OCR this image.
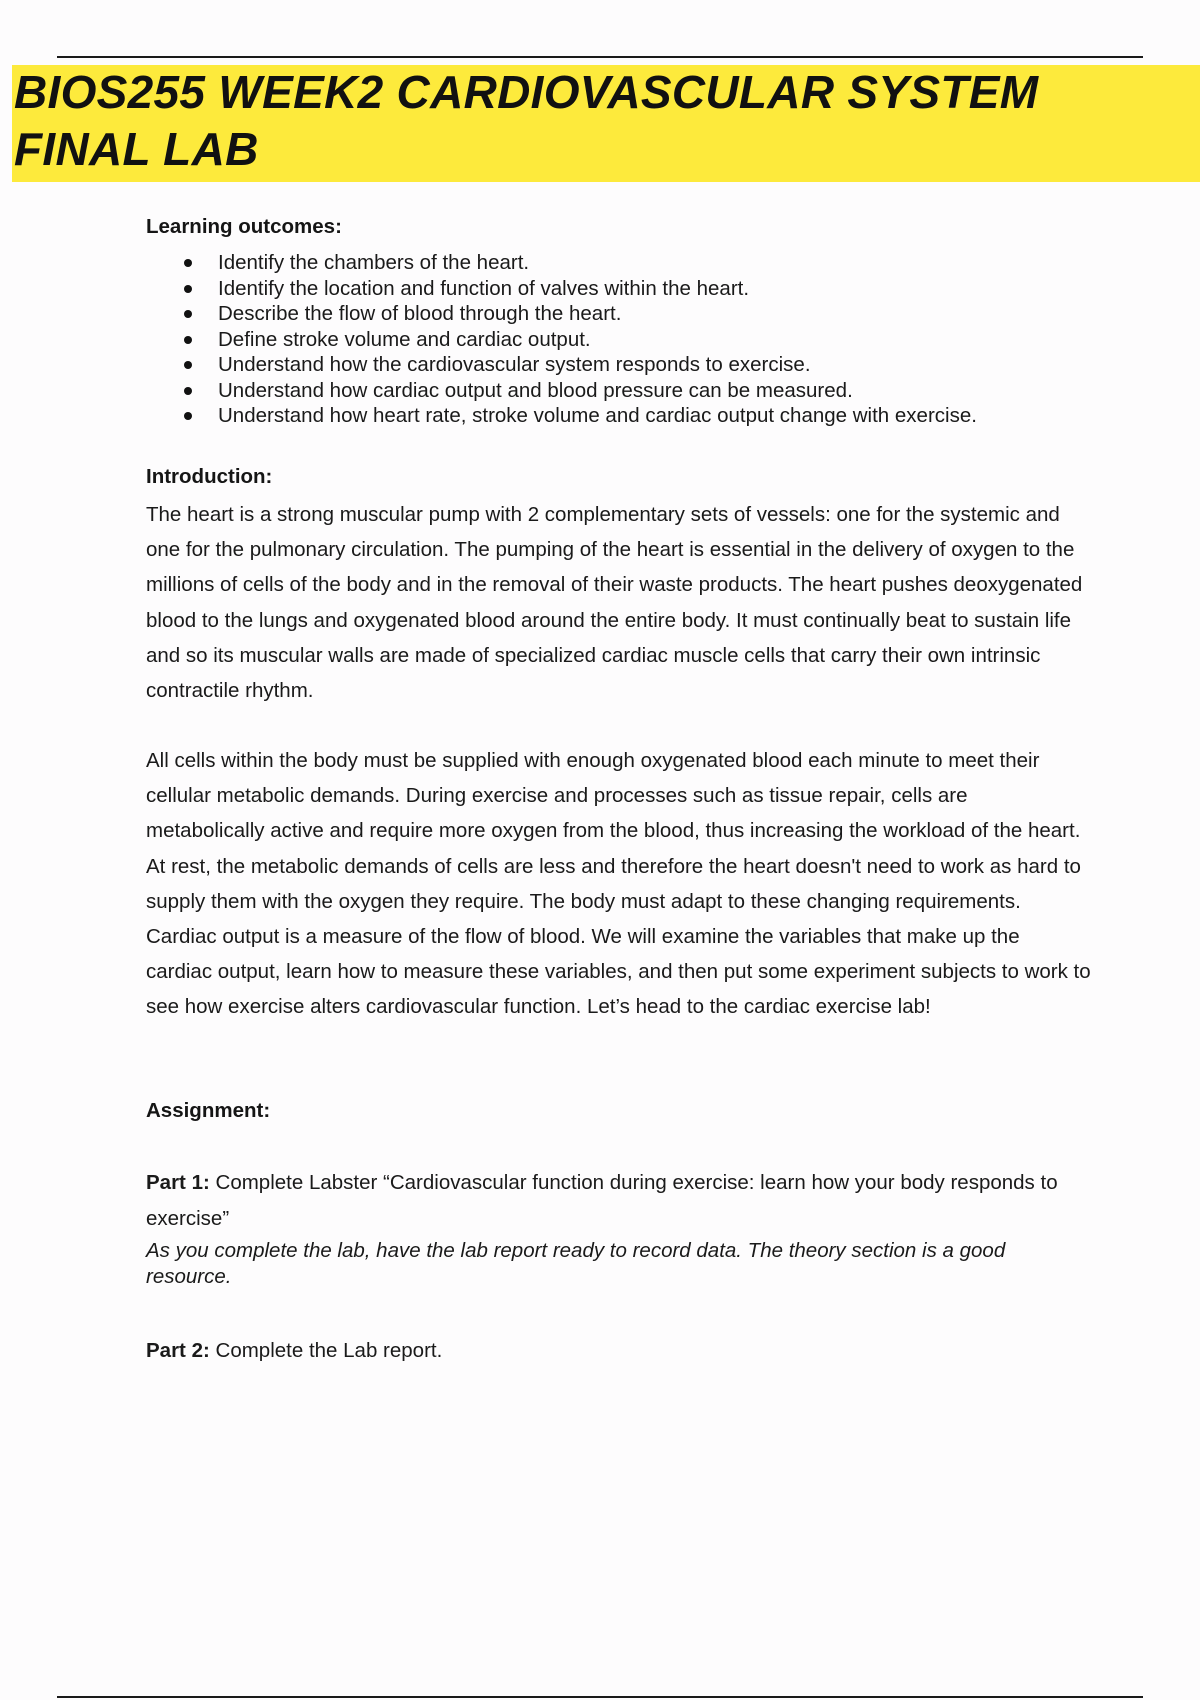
BIOS255 WEEK2 CARDIOVASCULAR SYSTEM FINAL LAB
Learning outcomes:
Identify the chambers of the heart.
Identify the location and function of valves within the heart.
Describe the flow of blood through the heart.
Define stroke volume and cardiac output.
Understand how the cardiovascular system responds to exercise.
Understand how cardiac output and blood pressure can be measured.
Understand how heart rate, stroke volume and cardiac output change with exercise.
Introduction:

The heart is a strong muscular pump with 2 complementary sets of vessels: one for the systemic and one for the pulmonary circulation. The pumping of the heart is essential in the delivery of oxygen to the millions of cells of the body and in the removal of their waste products. The heart pushes deoxygenated blood to the lungs and oxygenated blood around the entire body. It must continually beat to sustain life and so its muscular walls are made of specialized cardiac muscle cells that carry their own intrinsic contractile rhythm.

All cells within the body must be supplied with enough oxygenated blood each minute to meet their cellular metabolic demands. During exercise and processes such as tissue repair, cells are metabolically active and require more oxygen from the blood, thus increasing the workload of the heart. At rest, the metabolic demands of cells are less and therefore the heart doesn't need to work as hard to supply them with the oxygen they require. The body must adapt to these changing requirements. Cardiac output is a measure of the flow of blood. We will examine the variables that make up the cardiac output, learn how to measure these variables, and then put some experiment subjects to work to see how exercise alters cardiovascular function. Let’s head to the cardiac exercise lab!

Assignment:

Part 1: Complete Labster “Cardiovascular function during exercise: learn how your body responds to exercise”

As you complete the lab, have the lab report ready to record data. The theory section is a good resource.

Part 2: Complete the Lab report.
